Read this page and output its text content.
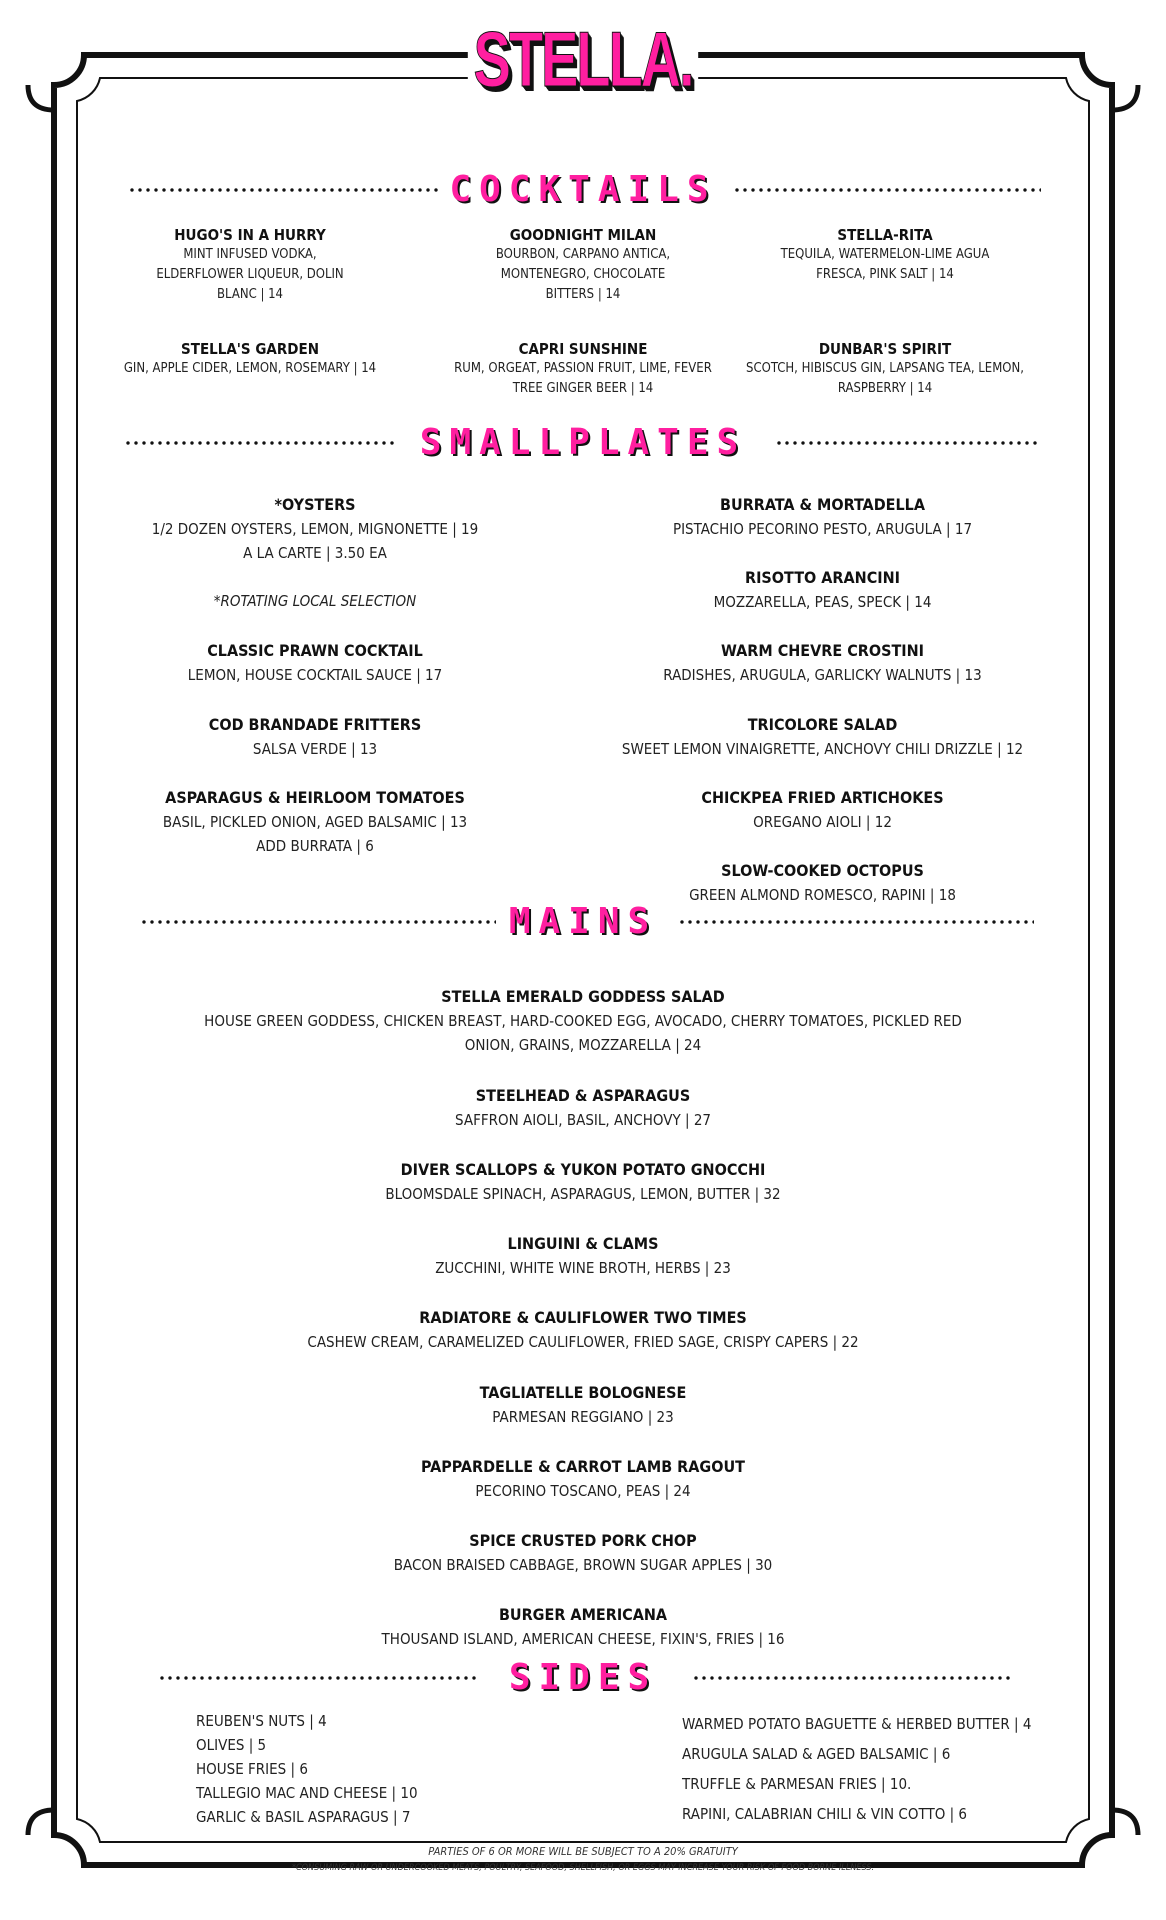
STELLA.
COCKTAILS
HUGO'S IN A HURRY
MINT INFUSED VODKA,
ELDERFLOWER LIQUEUR, DOLIN
BLANC | 14
GOODNIGHT MILAN
BOURBON, CARPANO ANTICA,
MONTENEGRO, CHOCOLATE
BITTERS | 14
STELLA-RITA
TEQUILA, WATERMELON-LIME AGUA
FRESCA, PINK SALT | 14
STELLA'S GARDEN
GIN, APPLE CIDER, LEMON, ROSEMARY | 14
CAPRI SUNSHINE
RUM, ORGEAT, PASSION FRUIT, LIME, FEVER
TREE GINGER BEER | 14
DUNBAR'S SPIRIT
SCOTCH, HIBISCUS GIN, LAPSANG TEA, LEMON,
RASPBERRY | 14
SMALLPLATES
*OYSTERS
1/2 DOZEN OYSTERS, LEMON, MIGNONETTE | 19
A LA CARTE | 3.50 EA
*ROTATING LOCAL SELECTION
CLASSIC PRAWN COCKTAIL
LEMON, HOUSE COCKTAIL SAUCE | 17
COD BRANDADE FRITTERS
SALSA VERDE | 13
ASPARAGUS & HEIRLOOM TOMATOES
BASIL, PICKLED ONION, AGED BALSAMIC | 13
ADD BURRATA | 6
BURRATA & MORTADELLA
PISTACHIO PECORINO PESTO, ARUGULA | 17
RISOTTO ARANCINI
MOZZARELLA, PEAS, SPECK | 14
WARM CHEVRE CROSTINI
RADISHES, ARUGULA, GARLICKY WALNUTS | 13
TRICOLORE SALAD
SWEET LEMON VINAIGRETTE, ANCHOVY CHILI DRIZZLE | 12
CHICKPEA FRIED ARTICHOKES
OREGANO AIOLI | 12
SLOW-COOKED OCTOPUS
GREEN ALMOND ROMESCO, RAPINI | 18
MAINS
STELLA EMERALD GODDESS SALAD
HOUSE GREEN GODDESS, CHICKEN BREAST, HARD-COOKED EGG, AVOCADO, CHERRY TOMATOES, PICKLED RED
ONION, GRAINS, MOZZARELLA | 24
STEELHEAD & ASPARAGUS
SAFFRON AIOLI, BASIL, ANCHOVY | 27
DIVER SCALLOPS & YUKON POTATO GNOCCHI
BLOOMSDALE SPINACH, ASPARAGUS, LEMON, BUTTER | 32
LINGUINI & CLAMS
ZUCCHINI, WHITE WINE BROTH, HERBS | 23
RADIATORE & CAULIFLOWER TWO TIMES
CASHEW CREAM, CARAMELIZED CAULIFLOWER, FRIED SAGE, CRISPY CAPERS | 22
TAGLIATELLE BOLOGNESE
PARMESAN REGGIANO | 23
PAPPARDELLE & CARROT LAMB RAGOUT
PECORINO TOSCANO, PEAS | 24
SPICE CRUSTED PORK CHOP
BACON BRAISED CABBAGE, BROWN SUGAR APPLES | 30
BURGER AMERICANA
THOUSAND ISLAND, AMERICAN CHEESE, FIXIN'S, FRIES | 16
SIDES
REUBEN'S NUTS | 4
OLIVES | 5
HOUSE FRIES | 6
TALLEGIO MAC AND CHEESE | 10
GARLIC & BASIL ASPARAGUS | 7
WARMED POTATO BAGUETTE & HERBED BUTTER | 4
ARUGULA SALAD & AGED BALSAMIC | 6
TRUFFLE & PARMESAN FRIES | 10.
RAPINI, CALABRIAN CHILI & VIN COTTO | 6
PARTIES OF 6 OR MORE WILL BE SUBJECT TO A 20% GRATUITY
*CONSUMING RAW OR UNDERCOOKED MEATS, POULTRY, SEAFOOD, SHELLFISH, OR EGGS MAY INCREASE YOUR RISK OF FOOD BORNE ILLNESS.
